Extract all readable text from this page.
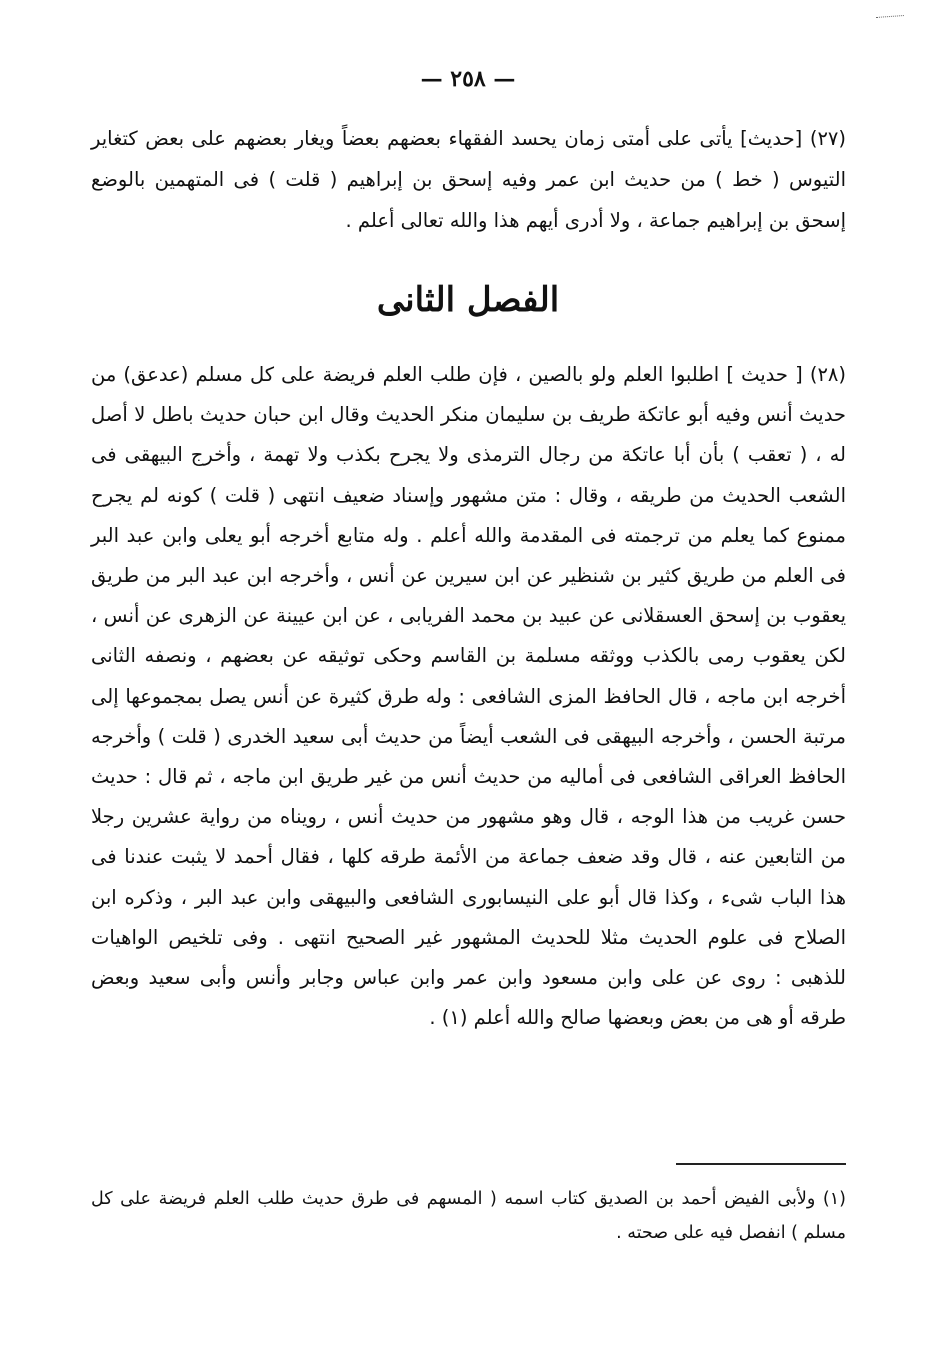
— ٢٥٨ —

(٢٧) [حديث] يأتى على أمتى زمان يحسد الفقهاء بعضهم بعضاً ويغار بعضهم على بعض كتغاير التيوس ( خط ) من حديث ابن عمر وفيه إسحق بن إبراهيم ( قلت ) فى المتهمين بالوضع إسحق بن إبراهيم جماعة ، ولا أدرى أيهم هذا والله تعالى أعلم .

الفصل الثانى

(٢٨) [ حديث ] اطلبوا العلم ولو بالصين ، فإن طلب العلم فريضة على كل مسلم (عدعق) من حديث أنس وفيه أبو عاتكة طريف بن سليمان منكر الحديث وقال ابن حبان حديث باطل لا أصل له ، ( تعقب ) بأن أبا عاتكة من رجال الترمذى ولا يجرح بكذب ولا تهمة ، وأخرج البيهقى فى الشعب الحديث من طريقه ، وقال : متن مشهور وإسناد ضعيف انتهى ( قلت ) كونه لم يجرح ممنوع كما يعلم من ترجمته فى المقدمة والله أعلم . وله متابع أخرجه أبو يعلى وابن عبد البر فى العلم من طريق كثير بن شنظير عن ابن سيرين عن أنس ، وأخرجه ابن عبد البر من طريق يعقوب بن إسحق العسقلانى عن عبيد بن محمد الفريابى ، عن ابن عيينة عن الزهرى عن أنس ، لكن يعقوب رمى بالكذب ووثقه مسلمة بن القاسم وحكى توثيقه عن بعضهم ، ونصفه الثانى أخرجه ابن ماجه ، قال الحافظ المزى الشافعى : وله طرق كثيرة عن أنس يصل بمجموعها إلى مرتبة الحسن ، وأخرجه البيهقى فى الشعب أيضاً من حديث أبى سعيد الخدرى ( قلت ) وأخرجه الحافظ العراقى الشافعى فى أماليه من حديث أنس من غير طريق ابن ماجه ، ثم قال : حديث حسن غريب من هذا الوجه ، قال وهو مشهور من حديث أنس ، رويناه من رواية عشرين رجلا من التابعين عنه ، قال وقد ضعف جماعة من الأئمة طرقه كلها ، فقال أحمد لا يثبت عندنا فى هذا الباب شىء ، وكذا قال أبو على النيسابورى الشافعى والبيهقى وابن عبد البر ، وذكره ابن الصلاح فى علوم الحديث مثلا للحديث المشهور غير الصحيح انتهى . وفى تلخيص الواهيات للذهبى : روى عن على وابن مسعود وابن عمر وابن عباس وجابر وأنس وأبى سعيد وبعض طرقه أو هى من بعض وبعضها صالح والله أعلم (١) .

(١) ولأبى الفيض أحمد بن الصديق كتاب اسمه ( المسهم فى طرق حديث طلب العلم فريضة على كل مسلم ) انفصل فيه على صحته .
